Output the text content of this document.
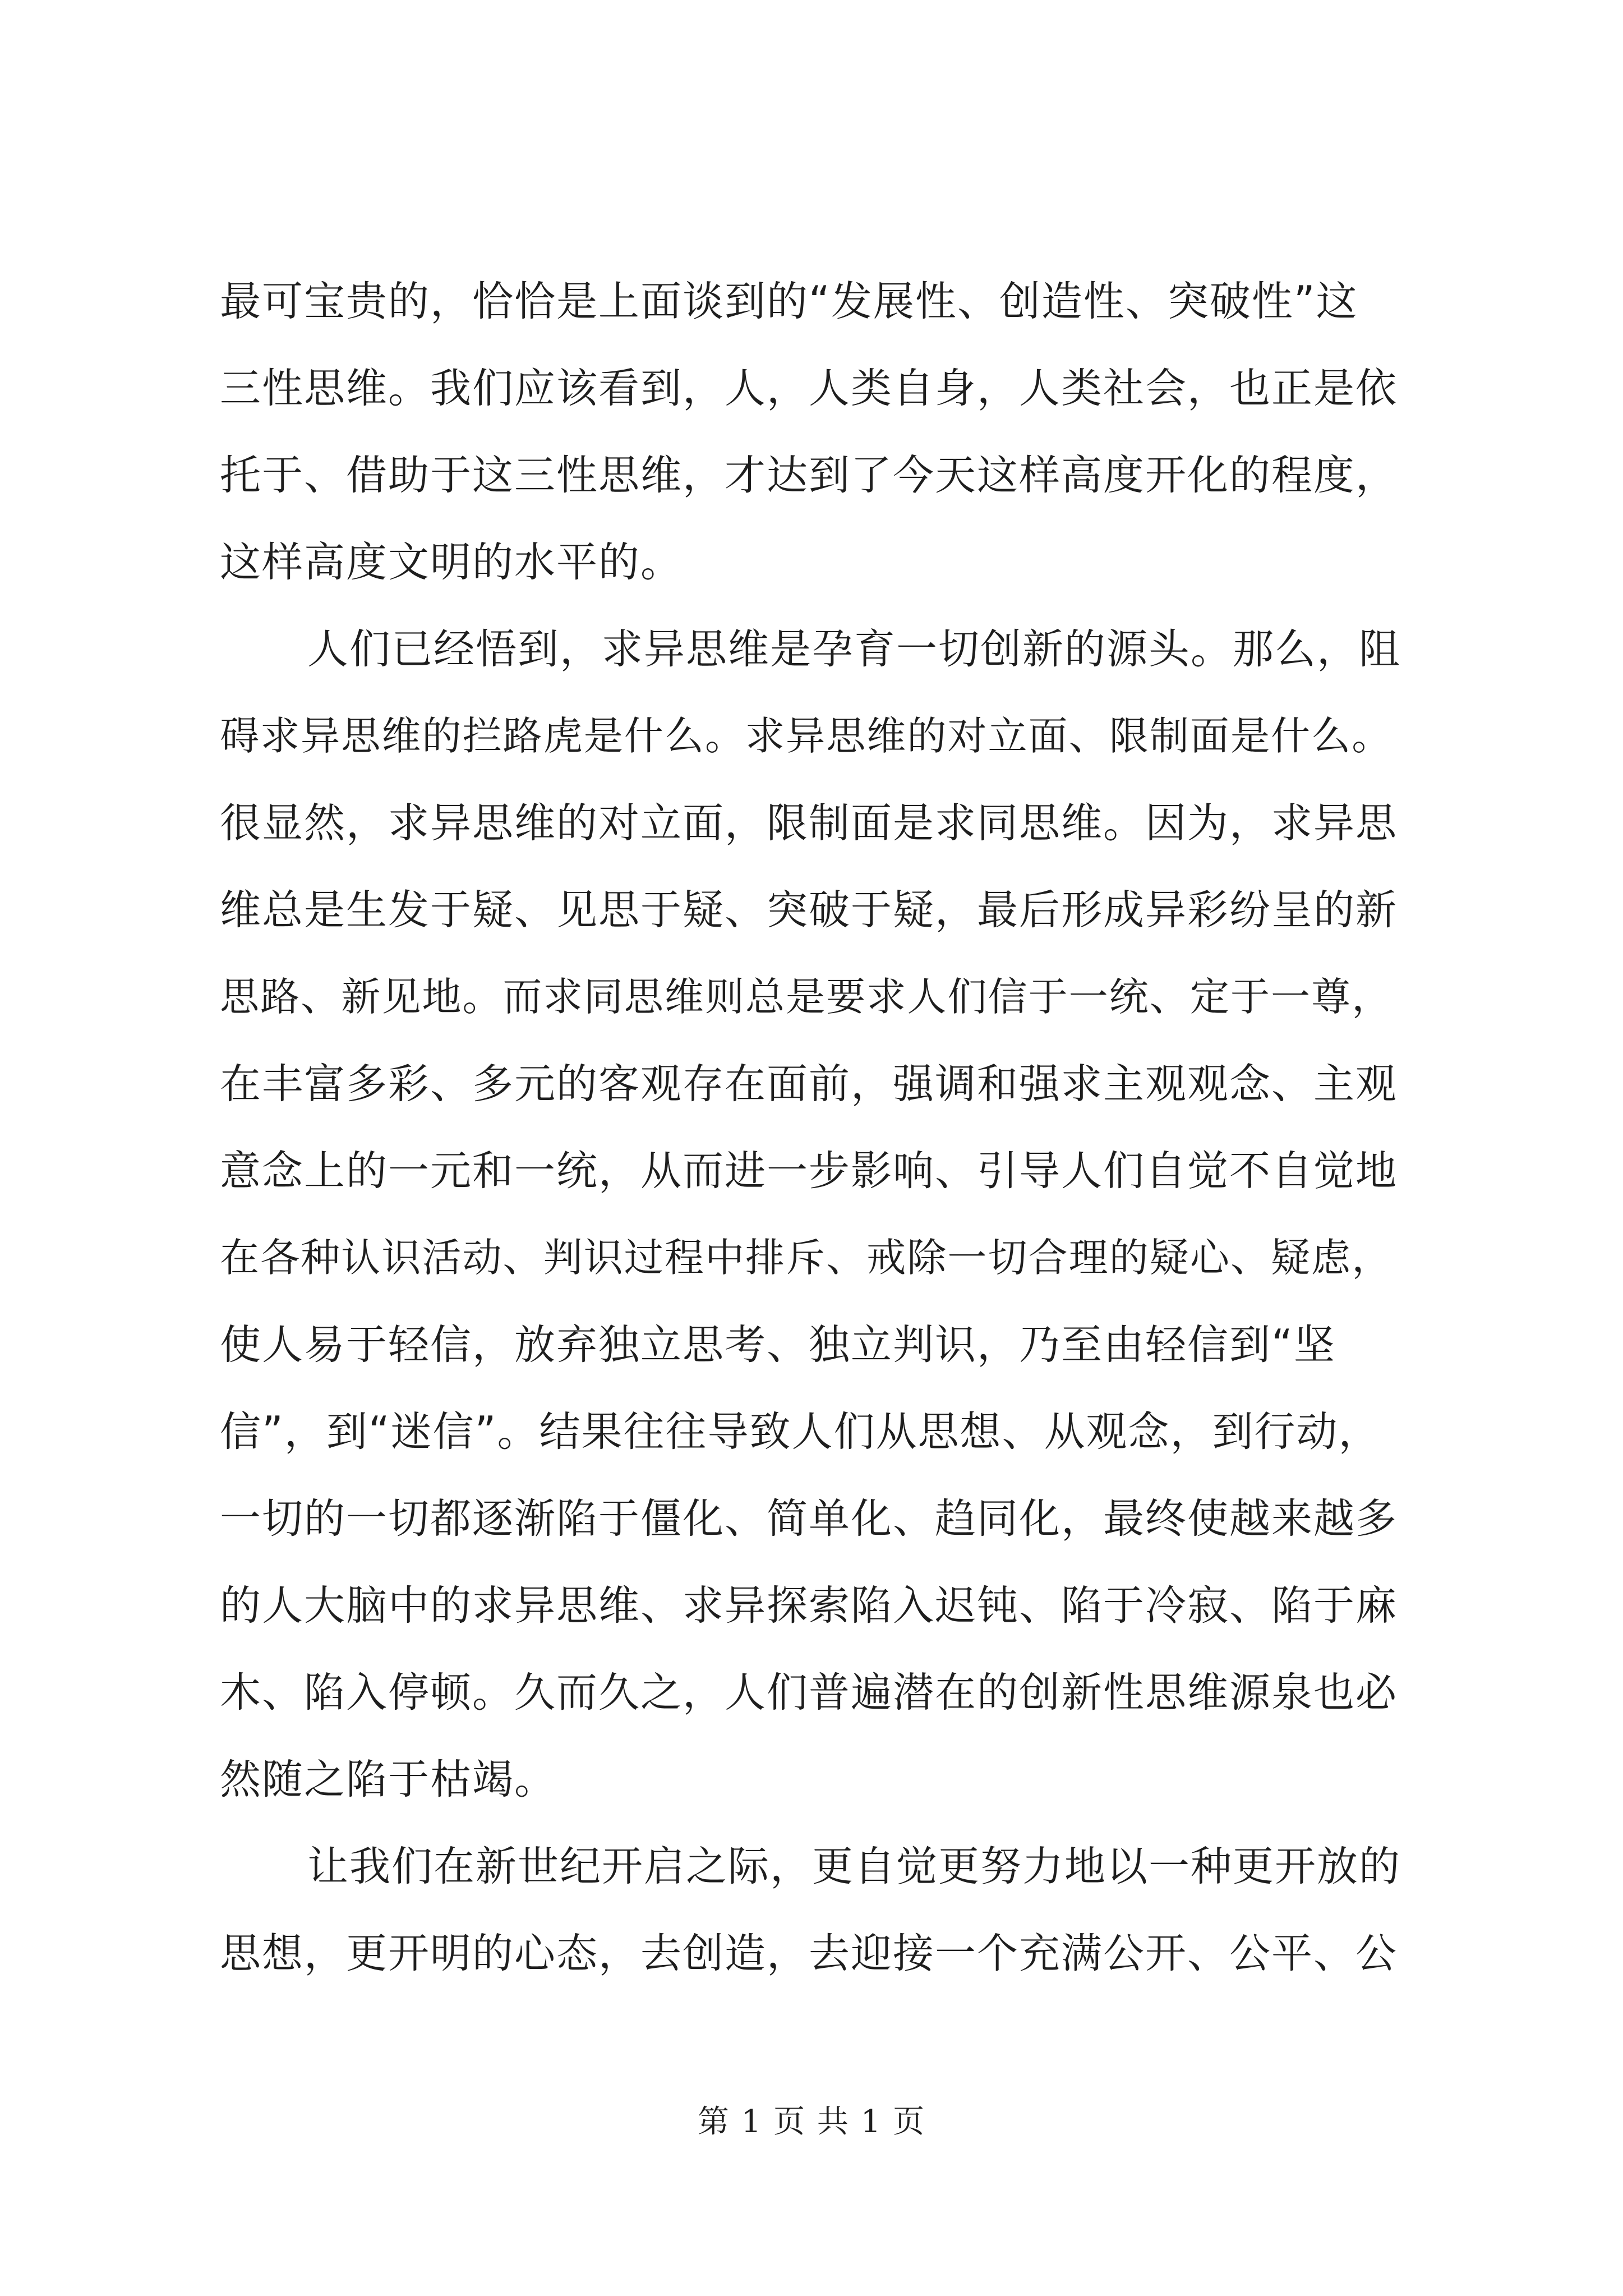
最可宝贵的，恰恰是上面谈到的“发展性、创造性、突破性”这
三性思维。我们应该看到，人，人类自身，人类社会，也正是依
托于、借助于这三性思维，才达到了今天这样高度开化的程度，
这样高度文明的水平的。
人们已经悟到，求异思维是孕育一切创新的源头。那么，阻
碍求异思维的拦路虎是什么。求异思维的对立面、限制面是什么。
很显然，求异思维的对立面，限制面是求同思维。因为，求异思
维总是生发于疑、见思于疑、突破于疑，最后形成异彩纷呈的新
思路、新见地。而求同思维则总是要求人们信于一统、定于一尊，
在丰富多彩、多元的客观存在面前，强调和强求主观观念、主观
意念上的一元和一统，从而进一步影响、引导人们自觉不自觉地
在各种认识活动、判识过程中排斥、戒除一切合理的疑心、疑虑，
使人易于轻信，放弃独立思考、独立判识，乃至由轻信到“坚
信”，到“迷信”。结果往往导致人们从思想、从观念，到行动，
一切的一切都逐渐陷于僵化、简单化、趋同化，最终使越来越多
的人大脑中的求异思维、求异探索陷入迟钝、陷于冷寂、陷于麻
木、陷入停顿。久而久之，人们普遍潜在的创新性思维源泉也必
然随之陷于枯竭。
让我们在新世纪开启之际，更自觉更努力地以一种更开放的
思想，更开明的心态，去创造，去迎接一个充满公开、公平、公
第 1 页 共 1 页
